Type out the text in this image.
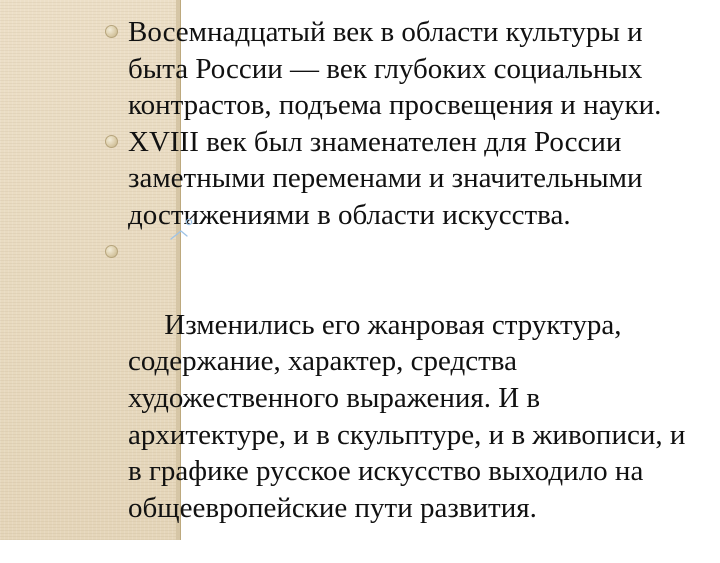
Восемнадцатый век в области культуры и быта России — век глубоких социальных контрастов, подъема просвещения и науки.
XVIII век был знаменателен для России заметными переменами и значительными достижениями в области искусства.

Изменились его жанровая структура, содержание, характер, средства художественного выражения. И в архитектуре, и в скульптуре, и в живописи, и в графике русское искусство выходило на общеевропейские пути развития.
